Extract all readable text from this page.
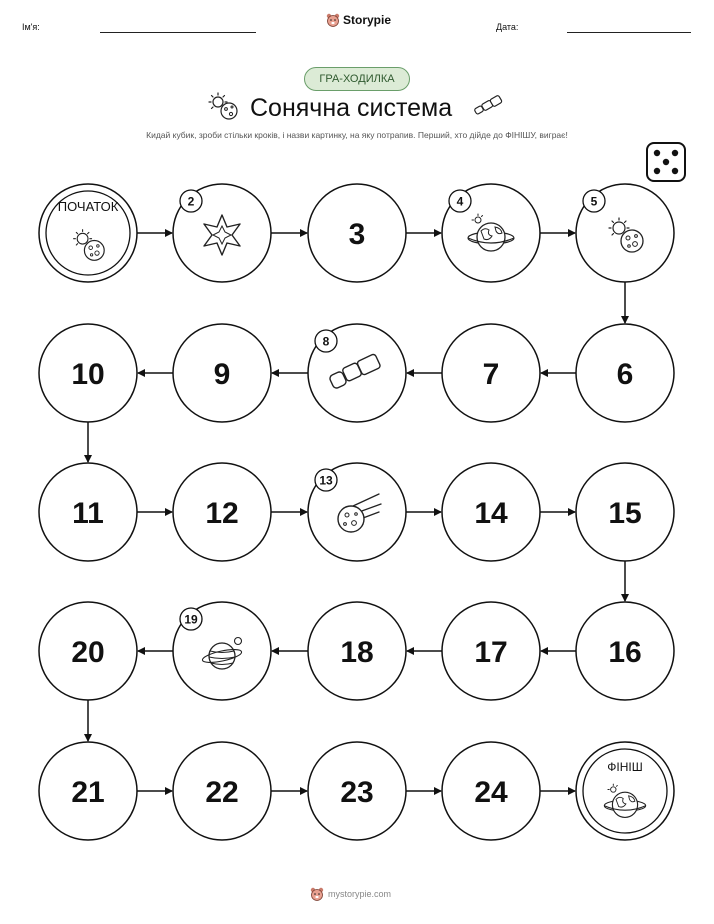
Ім'я:	Storypie	Дата:
ГРА-ХОДИЛКА
Сонячна система
Кидай кубик, зроби стільки кроків, і назви картинку, на яку потрапив. Перший, хто дійде до ФІНІШУ, виграє!
ПОЧАТОК	2
3
4	5
6
7
8
9
10
11	12
13
14	15
16
17
18
19
20
21	22	23	24
ФІНІШ
mystorypie.com
